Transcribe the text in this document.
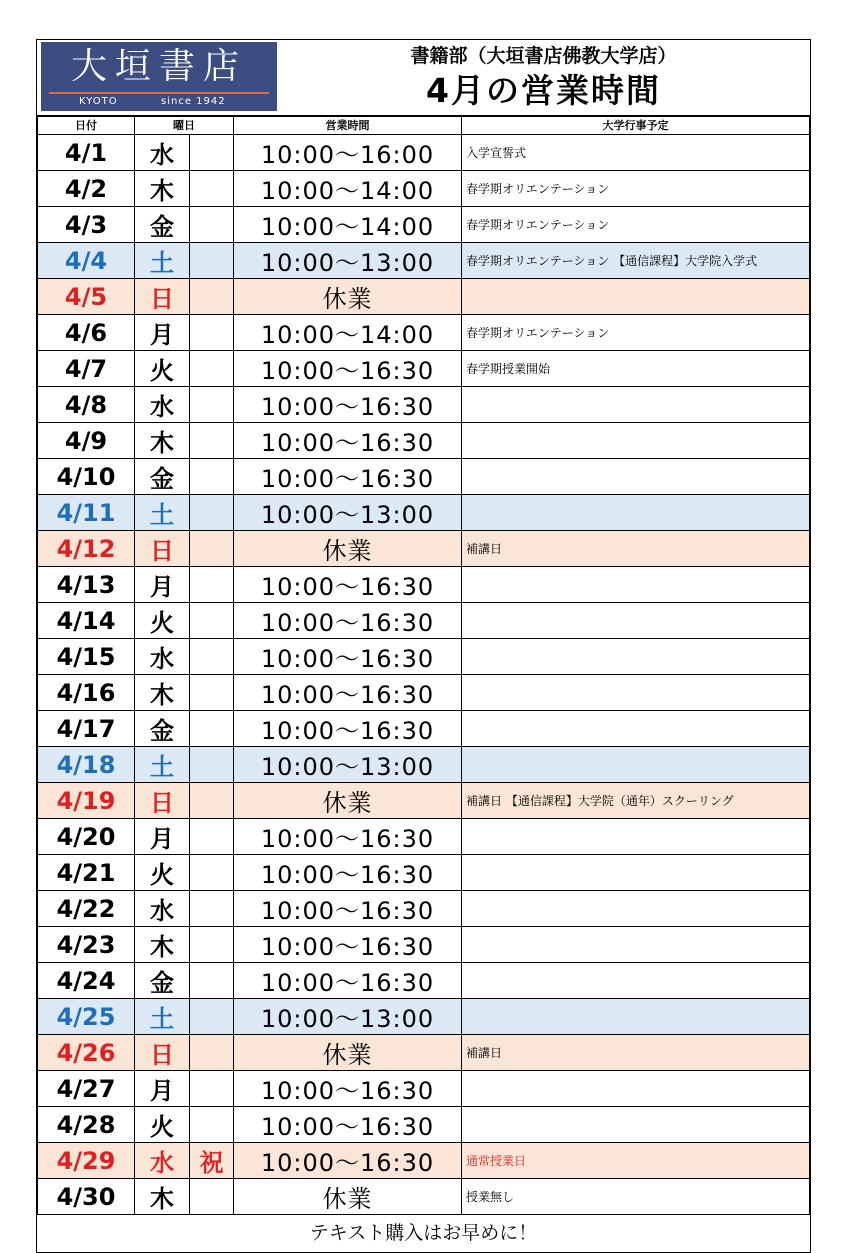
大垣書店
KYOTO	since 1942
書籍部（大垣書店佛教大学店）
4月の営業時間
日付	曜日		営業時間	大学行事予定
4/1	水		10:00～16:00	入学宣誓式
4/2	木		10:00～14:00	春学期オリエンテーション
4/3	金		10:00～14:00	春学期オリエンテーション
4/4	土		10:00～13:00	春学期オリエンテーション 【通信課程】大学院入学式
4/5	日		休業	
4/6	月		10:00～14:00	春学期オリエンテーション
4/7	火		10:00～16:30	春学期授業開始
4/8	水		10:00～16:30	
4/9	木		10:00～16:30	
4/10	金		10:00～16:30	
4/11	土		10:00～13:00	
4/12	日		休業	補講日
4/13	月		10:00～16:30	
4/14	火		10:00～16:30	
4/15	水		10:00～16:30	
4/16	木		10:00～16:30	
4/17	金		10:00～16:30	
4/18	土		10:00～13:00	
4/19	日		休業	補講日 【通信課程】大学院（通年）スクーリング
4/20	月		10:00～16:30	
4/21	火		10:00～16:30	
4/22	水		10:00～16:30	
4/23	木		10:00～16:30	
4/24	金		10:00～16:30	
4/25	土		10:00～13:00	
4/26	日		休業	補講日
4/27	月		10:00～16:30	
4/28	火		10:00～16:30	
4/29	水	祝	10:00～16:30	通常授業日
4/30	木		休業	授業無し
テキスト購入はお早めに！
